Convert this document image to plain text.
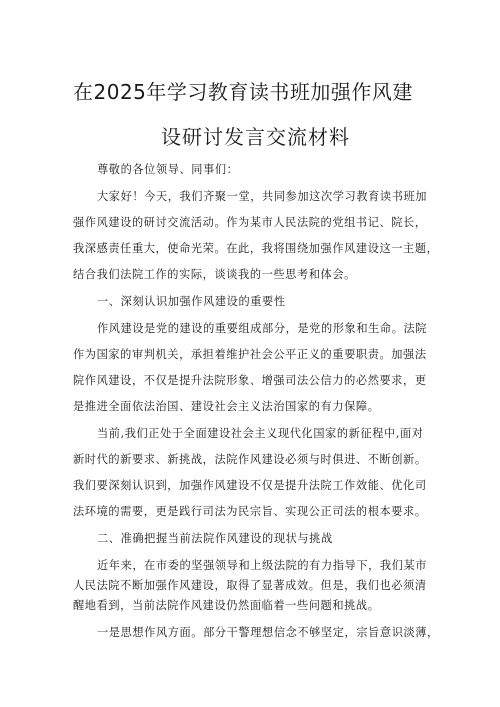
在2025年学习教育读书班加强作风建
设研讨发言交流材料
尊敬的各位领导、同事们：
大家好！今天，我们齐聚一堂，共同参加这次学习教育读书班加
强作风建设的研讨交流活动。作为某市人民法院的党组书记、院长，
我深感责任重大，使命光荣。在此，我将围绕加强作风建设这一主题，
结合我们法院工作的实际，谈谈我的一些思考和体会。
一、深刻认识加强作风建设的重要性
作风建设是党的建设的重要组成部分，是党的形象和生命。法院
作为国家的审判机关，承担着维护社会公平正义的重要职责。加强法
院作风建设，不仅是提升法院形象、增强司法公信力的必然要求，更
是推进全面依法治国、建设社会主义法治国家的有力保障。
当前,我们正处于全面建设社会主义现代化国家的新征程中,面对
新时代的新要求、新挑战，法院作风建设必须与时俱进、不断创新。
我们要深刻认识到，加强作风建设不仅是提升法院工作效能、优化司
法环境的需要，更是践行司法为民宗旨、实现公正司法的根本要求。
二、准确把握当前法院作风建设的现状与挑战
近年来，在市委的坚强领导和上级法院的有力指导下，我们某市
人民法院不断加强作风建设，取得了显著成效。但是，我们也必须清
醒地看到，当前法院作风建设仍然面临着一些问题和挑战。
一是思想作风方面。部分干警理想信念不够坚定，宗旨意识淡薄，
